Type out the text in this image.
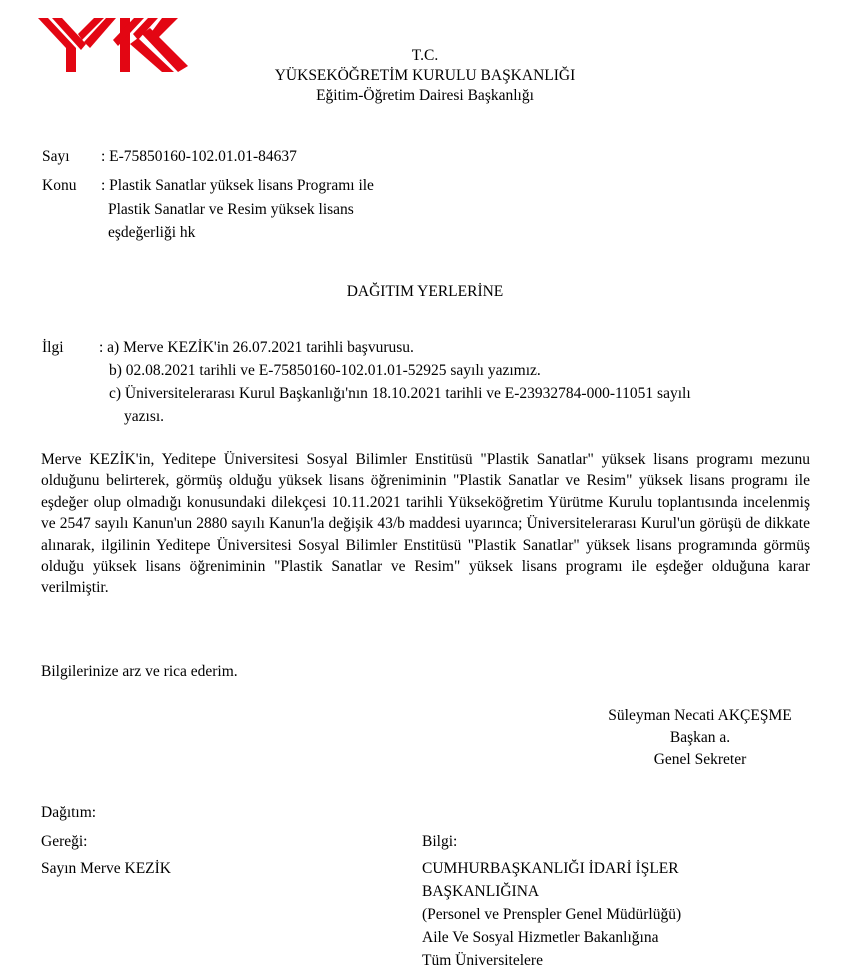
T.C.
YÜKSEKÖĞRETİM KURULU BAŞKANLIĞI
Eğitim-Öğretim Dairesi Başkanlığı
Sayı : E-75850160-102.01.01-84637
Konu : Plastik Sanatlar yüksek lisans Programı ile
Plastik Sanatlar ve Resim yüksek lisans
eşdeğerliği hk
DAĞITIM YERLERİNE
İlgi : a) Merve KEZİK'in 26.07.2021 tarihli başvurusu.
b) 02.08.2021 tarihli ve E-75850160-102.01.01-52925 sayılı yazımız.
c) Üniversitelerarası Kurul Başkanlığı'nın 18.10.2021 tarihli ve E-23932784-000-11051 sayılı
yazısı.
Merve KEZİK'in, Yeditepe Üniversitesi Sosyal Bilimler Enstitüsü "Plastik Sanatlar" yüksek lisans programı mezunu olduğunu belirterek, görmüş olduğu yüksek lisans öğreniminin "Plastik Sanatlar ve Resim" yüksek lisans programı ile eşdeğer olup olmadığı konusundaki dilekçesi 10.11.2021 tarihli Yükseköğretim Yürütme Kurulu toplantısında incelenmiş ve 2547 sayılı Kanun'un 2880 sayılı Kanun'la değişik 43/b maddesi uyarınca; Üniversitelerarası Kurul'un görüşü de dikkate alınarak, ilgilinin Yeditepe Üniversitesi Sosyal Bilimler Enstitüsü "Plastik Sanatlar" yüksek lisans programında görmüş olduğu yüksek lisans öğreniminin "Plastik Sanatlar ve Resim" yüksek lisans programı ile eşdeğer olduğuna karar verilmiştir.
Bilgilerinize arz ve rica ederim.
Süleyman Necati AKÇEŞME
Başkan a.
Genel Sekreter
Dağıtım:
Gereği:
Sayın Merve KEZİK
Bilgi:
CUMHURBAŞKANLIĞI İDARİ İŞLER
BAŞKANLIĞINA
(Personel ve Prenspler Genel Müdürlüğü)
Aile Ve Sosyal Hizmetler Bakanlığına
Tüm Üniversitelere
